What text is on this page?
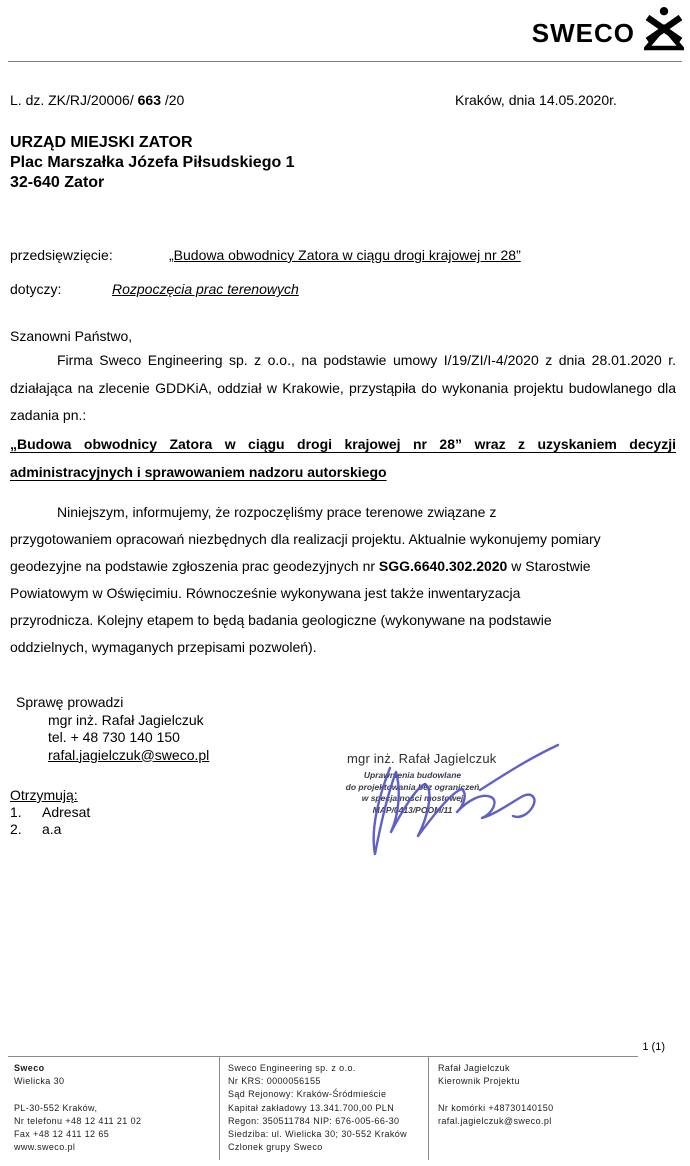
SWECO
L. dz. ZK/RJ/20006/ 663 /20	Kraków, dnia 14.05.2020r.
URZĄD MIEJSKI ZATOR
Plac Marszałka Józefa Piłsudskiego 1
32-640 Zator
przedsięwzięcie:	„Budowa obwodnicy Zatora w ciągu drogi krajowej nr 28”
dotyczy:	Rozpoczęcia prac terenowych
Szanowni Państwo,

Firma Sweco Engineering sp. z o.o., na podstawie umowy I/19/ZI/I-4/2020 z dnia 28.01.2020 r. działająca na zlecenie GDDKiA, oddział w Krakowie, przystąpiła do wykonania projektu budowlanego dla zadania pn.:

„Budowa obwodnicy Zatora w ciągu drogi krajowej nr 28” wraz z uzyskaniem decyzji administracyjnych i sprawowaniem nadzoru autorskiego

Niniejszym, informujemy, że rozpoczęliśmy prace terenowe związane z
przygotowaniem opracowań niezbędnych dla realizacji projektu. Aktualnie wykonujemy pomiary
geodezyjne na podstawie zgłoszenia prac geodezyjnych nr SGG.6640.302.2020 w Starostwie
Powiatowym w Oświęcimiu. Równocześnie wykonywana jest także inwentaryzacja
przyrodnicza. Kolejny etapem to będą badania geologiczne (wykonywane na podstawie
oddzielnych, wymaganych przepisami pozwoleń).

Sprawę prowadzi
mgr inż. Rafał Jagielczuk
tel. + 48 730 140 150
rafal.jagielczuk@sweco.pl
Otrzymują:
1. Adresat
2. a.a
mgr inż. Rafał Jagielczuk
Uprawnienia budowlane
do projektowania bez ograniczeń
w specjalności mostowej
MAP/0413/POOM/11
1 (1)
Sweco
Wielicka 30
PL-30-552 Kraków,
Nr telefonu +48 12 411 21 02
Fax +48 12 411 12 65
www.sweco.pl
Sweco Engineering sp. z o.o.
Nr KRS: 0000056155
Sąd Rejonowy: Kraków-Śródmieście
Kapitał zakładowy 13.341.700,00 PLN
Regon: 350511784 NIP: 676-005-66-30
Siedziba: ul. Wielicka 30; 30-552 Kraków
Czlonek grupy Sweco
Rafał Jagielczuk
Kierownik Projektu
Nr komórki +48730140150
rafal.jagielczuk@sweco.pl
